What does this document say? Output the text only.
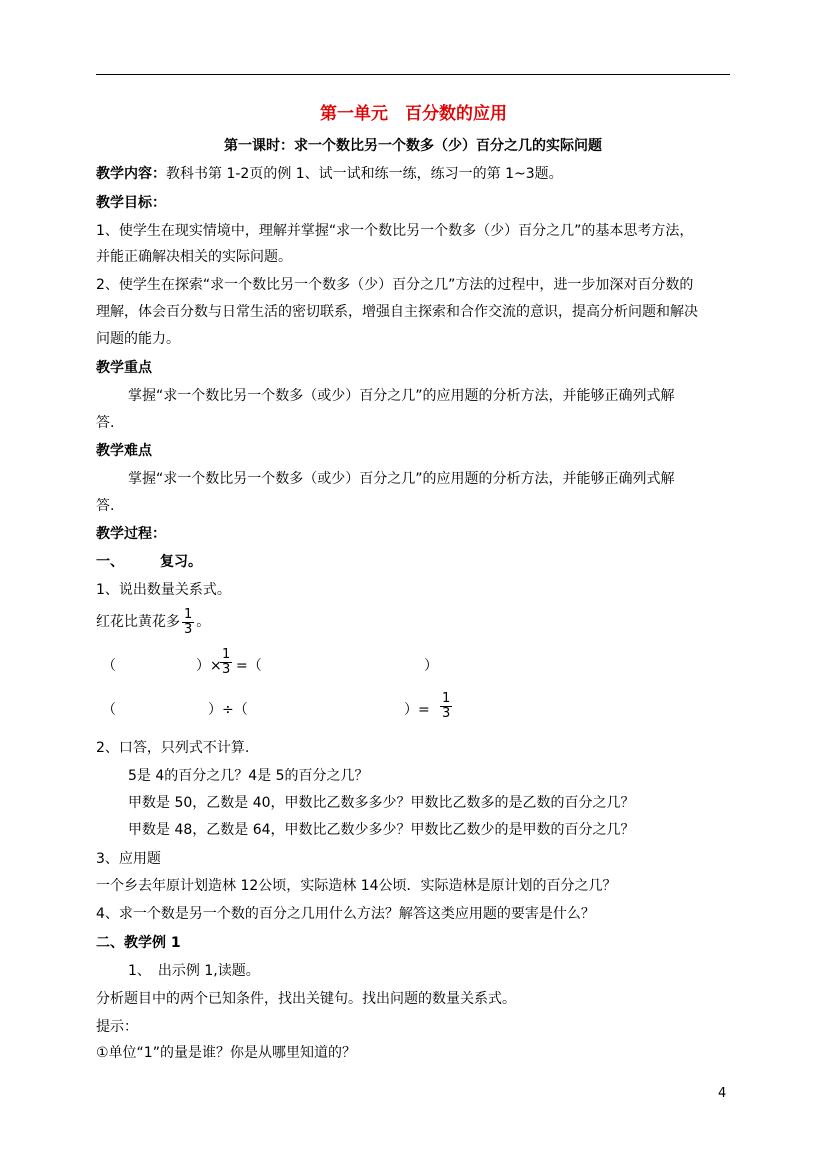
第一单元　百分数的应用
第一课时：求一个数比另一个数多（少）百分之几的实际问题
教学内容：教科书第 1-2页的例 1、试一试和练一练，练习一的第 1~3题。
教学目标：
1、使学生在现实情境中，理解并掌握“求一个数比另一个数多（少）百分之几”的基本思考方法，
并能正确解决相关的实际问题。
2、使学生在探索“求一个数比另一个数多（少）百分之几”方法的过程中，进一步加深对百分数的
理解，体会百分数与日常生活的密切联系，增强自主探索和合作交流的意识，提高分析问题和解决
问题的能力。
教学重点
掌握“求一个数比另一个数多（或少）百分之几”的应用题的分析方法，并能够正确列式解
答.
教学难点
掌握“求一个数比另一个数多（或少）百分之几”的应用题的分析方法，并能够正确列式解
答.
教学过程：
一、	复习。
1、说出数量关系式。
红花比黄花多 $\frac{1}{3}$ 。
（	）×
$\frac{1}{3}$ =（	）
（	）÷（	）= $\frac{1}{3}$
2、口答，只列式不计算.
5是 4的百分之几？4是 5的百分之几？
甲数是 50，乙数是 40，甲数比乙数多多少？甲数比乙数多的是乙数的百分之几？
甲数是 48，乙数是 64，甲数比乙数少多少？甲数比乙数少的是甲数的百分之几？
3、应用题
一个乡去年原计划造林 12公顷，实际造林 14公顷．实际造林是原计划的百分之几？
4、求一个数是另一个数的百分之几用什么方法？解答这类应用题的要害是什么？
二、教学例 1
1、　出示例 1,读题。
分析题目中的两个已知条件，找出关键句。找出问题的数量关系式。
提示：
①单位“1”的量是谁？你是从哪里知道的？
4
